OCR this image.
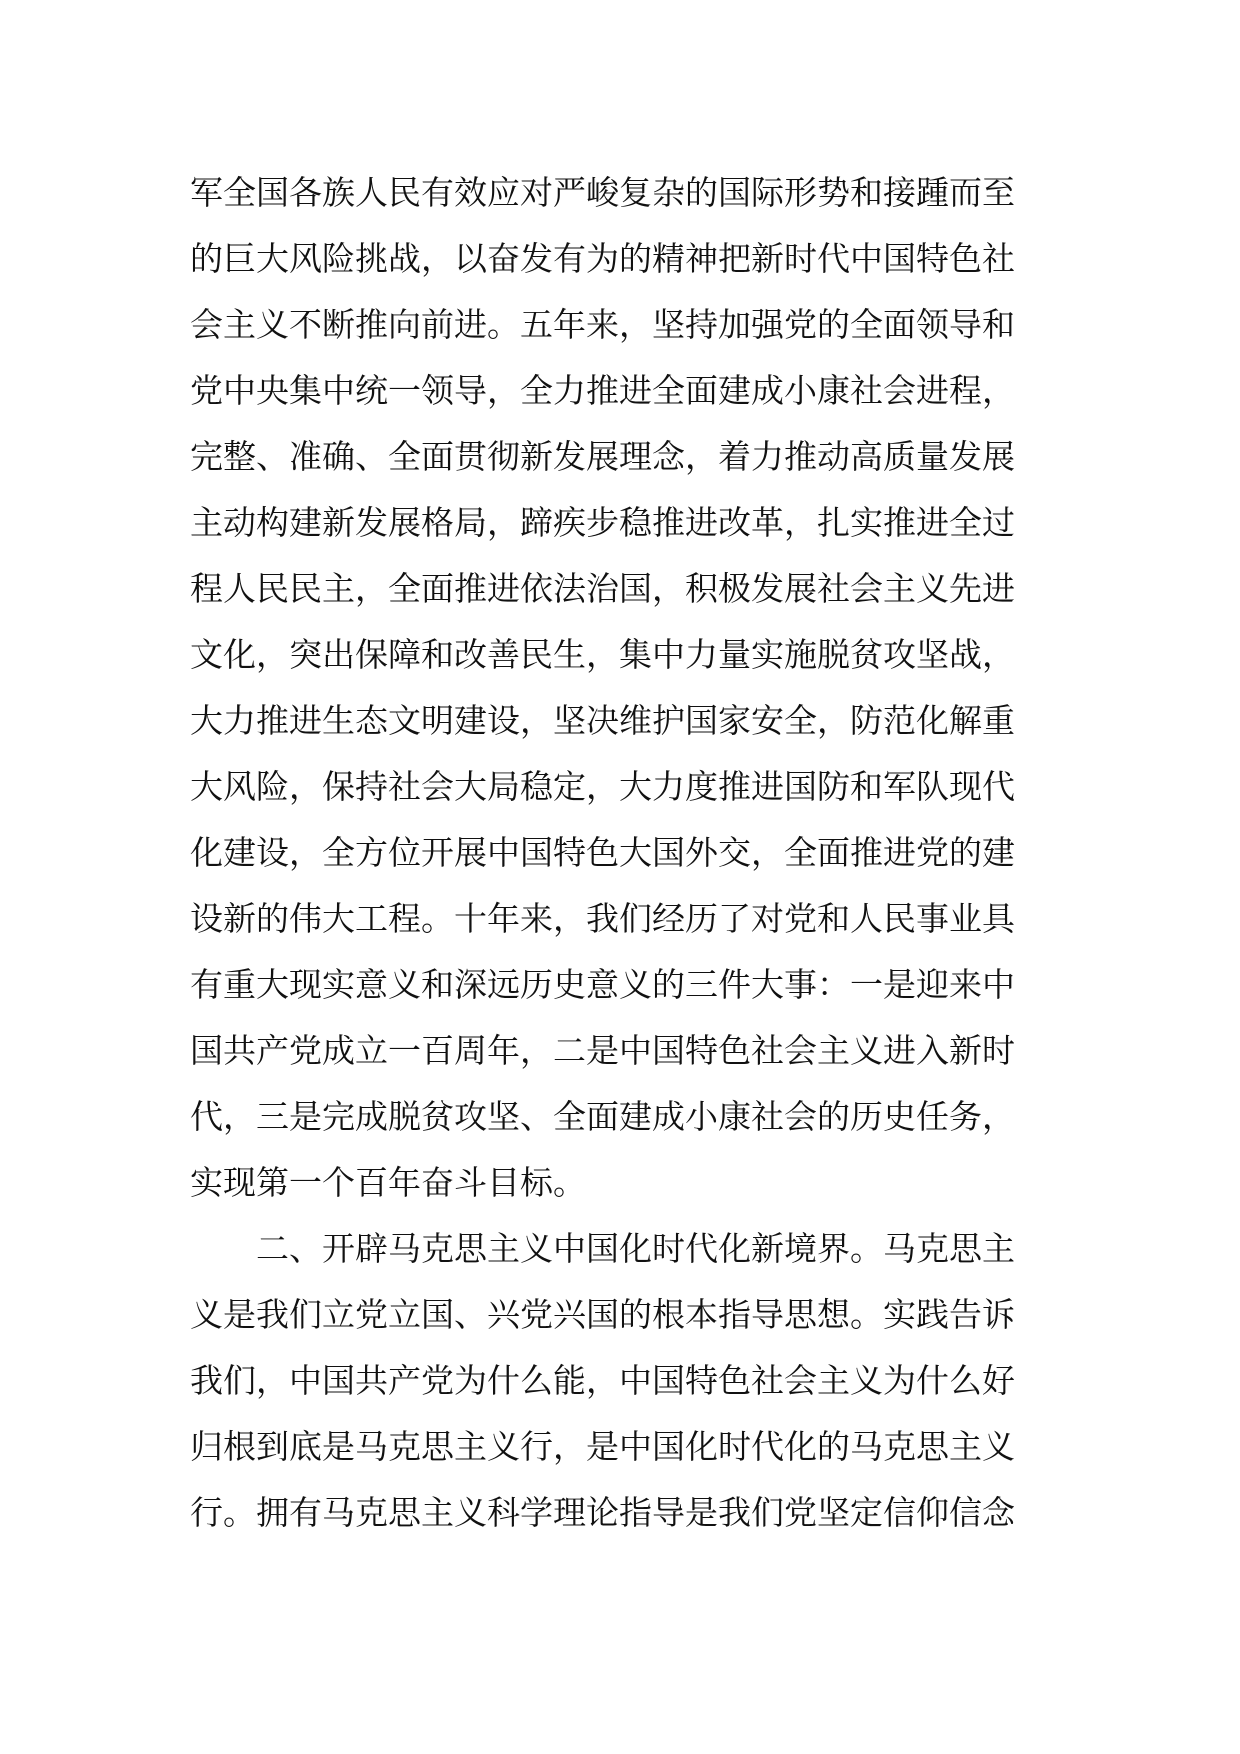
军全国各族人民有效应对严峻复杂的国际形势和接踵而至
的巨大风险挑战，以奋发有为的精神把新时代中国特色社
会主义不断推向前进。五年来，坚持加强党的全面领导和
党中央集中统一领导，全力推进全面建成小康社会进程，
完整、准确、全面贯彻新发展理念，着力推动高质量发展
主动构建新发展格局，蹄疾步稳推进改革，扎实推进全过
程人民民主，全面推进依法治国，积极发展社会主义先进
文化，突出保障和改善民生，集中力量实施脱贫攻坚战，
大力推进生态文明建设，坚决维护国家安全，防范化解重
大风险，保持社会大局稳定，大力度推进国防和军队现代
化建设，全方位开展中国特色大国外交，全面推进党的建
设新的伟大工程。十年来，我们经历了对党和人民事业具
有重大现实意义和深远历史意义的三件大事：一是迎来中
国共产党成立一百周年，二是中国特色社会主义进入新时
代，三是完成脱贫攻坚、全面建成小康社会的历史任务，
实现第一个百年奋斗目标。
　　二、开辟马克思主义中国化时代化新境界。马克思主
义是我们立党立国、兴党兴国的根本指导思想。实践告诉
我们，中国共产党为什么能，中国特色社会主义为什么好
归根到底是马克思主义行，是中国化时代化的马克思主义
行。拥有马克思主义科学理论指导是我们党坚定信仰信念
